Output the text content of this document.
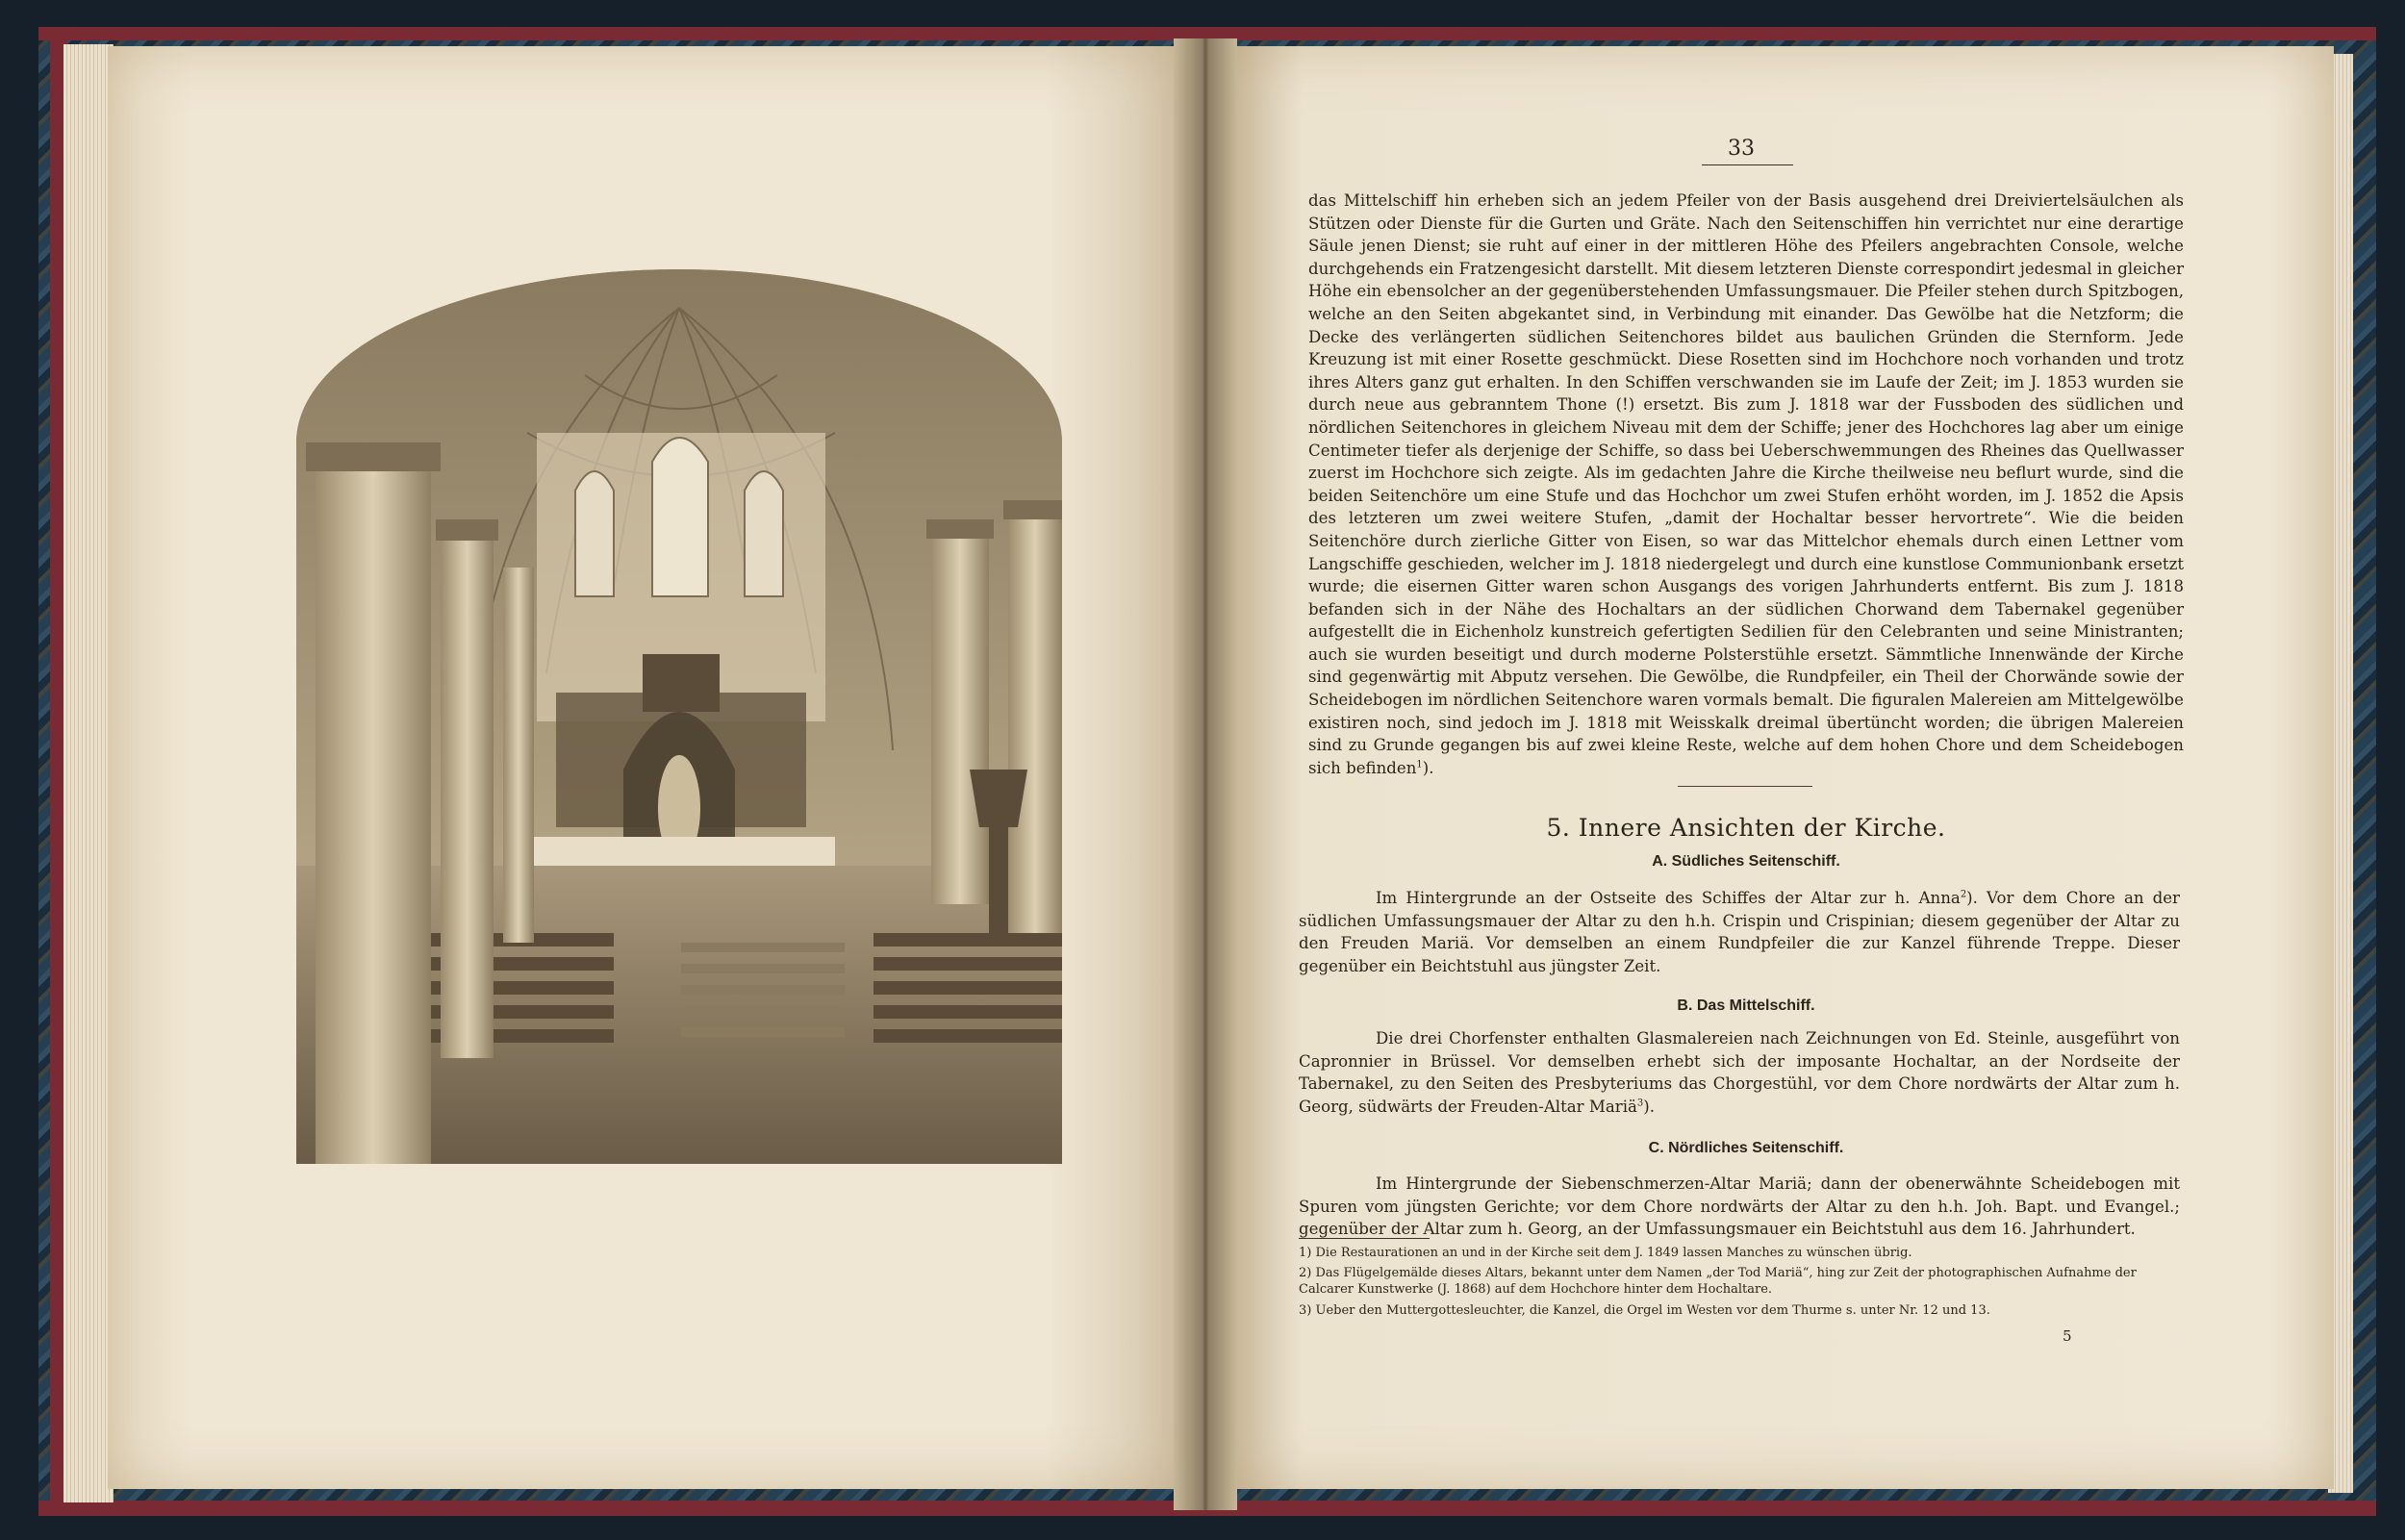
33
das Mittelschiff hin erheben sich an jedem Pfeiler von der Basis ausgehend drei Dreiviertelsäulchen als Stützen oder Dienste für die Gurten und Gräte. Nach den Seitenschiffen hin verrichtet nur eine derartige Säule jenen Dienst; sie ruht auf einer in der mittleren Höhe des Pfeilers angebrachten Console, welche durchgehends ein Fratzengesicht darstellt. Mit diesem letzteren Dienste correspondirt jedesmal in gleicher Höhe ein ebensolcher an der gegenüberstehenden Umfassungsmauer. Die Pfeiler stehen durch Spitzbogen, welche an den Seiten abgekantet sind, in Verbindung mit einander. Das Gewölbe hat die Netzform; die Decke des verlängerten südlichen Seitenchores bildet aus baulichen Gründen die Sternform. Jede Kreuzung ist mit einer Rosette geschmückt. Diese Rosetten sind im Hochchore noch vorhanden und trotz ihres Alters ganz gut erhalten. In den Schiffen verschwanden sie im Laufe der Zeit; im J. 1853 wurden sie durch neue aus gebranntem Thone (!) ersetzt. Bis zum J. 1818 war der Fussboden des südlichen und nördlichen Seitenchores in gleichem Niveau mit dem der Schiffe; jener des Hochchores lag aber um einige Centimeter tiefer als derjenige der Schiffe, so dass bei Ueberschwemmungen des Rheines das Quellwasser zuerst im Hochchore sich zeigte. Als im gedachten Jahre die Kirche theilweise neu beflurt wurde, sind die beiden Seitenchöre um eine Stufe und das Hochchor um zwei Stufen erhöht worden, im J. 1852 die Apsis des letzteren um zwei weitere Stufen, „damit der Hochaltar besser hervortrete“. Wie die beiden Seitenchöre durch zierliche Gitter von Eisen, so war das Mittelchor ehemals durch einen Lettner vom Langschiffe geschieden, welcher im J. 1818 niedergelegt und durch eine kunstlose Communionbank ersetzt wurde; die eisernen Gitter waren schon Ausgangs des vorigen Jahrhunderts entfernt. Bis zum J. 1818 befanden sich in der Nähe des Hochaltars an der südlichen Chorwand dem Tabernakel gegenüber aufgestellt die in Eichenholz kunstreich gefertigten Sedilien für den Celebranten und seine Ministranten; auch sie wurden beseitigt und durch moderne Polsterstühle ersetzt. Sämmtliche Innenwände der Kirche sind gegenwärtig mit Abputz versehen. Die Gewölbe, die Rundpfeiler, ein Theil der Chorwände sowie der Scheidebogen im nördlichen Seitenchore waren vormals bemalt. Die figuralen Malereien am Mittelgewölbe existiren noch, sind jedoch im J. 1818 mit Weisskalk dreimal übertüncht worden; die übrigen Malereien sind zu Grunde gegangen bis auf zwei kleine Reste, welche auf dem hohen Chore und dem Scheidebogen sich befinden$^1$).
5. Innere Ansichten der Kirche.
A. Südliches Seitenschiff.
Im Hintergrunde an der Ostseite des Schiffes der Altar zur h. Anna$^2$). Vor dem Chore an der südlichen Umfassungsmauer der Altar zu den h.h. Crispin und Crispinian; diesem gegenüber der Altar zu den Freuden Mariä. Vor demselben an einem Rundpfeiler die zur Kanzel führende Treppe. Dieser gegenüber ein Beichtstuhl aus jüngster Zeit.
B. Das Mittelschiff.
Die drei Chorfenster enthalten Glasmalereien nach Zeichnungen von Ed. Steinle, ausgeführt von Capronnier in Brüssel. Vor demselben erhebt sich der imposante Hochaltar, an der Nordseite der Tabernakel, zu den Seiten des Presbyteriums das Chorgestühl, vor dem Chore nordwärts der Altar zum h. Georg, südwärts der Freuden-Altar Mariä$^3$).
C. Nördliches Seitenschiff.
Im Hintergrunde der Siebenschmerzen-Altar Mariä; dann der obenerwähnte Scheidebogen mit Spuren vom jüngsten Gerichte; vor dem Chore nordwärts der Altar zu den h.h. Joh. Bapt. und Evangel.; gegenüber der Altar zum h. Georg, an der Umfassungsmauer ein Beichtstuhl aus dem 16. Jahrhundert.
1) Die Restaurationen an und in der Kirche seit dem J. 1849 lassen Manches zu wünschen übrig.
2) Das Flügelgemälde dieses Altars, bekannt unter dem Namen „der Tod Mariä“, hing zur Zeit der photographischen Aufnahme der Calcarer Kunstwerke (J. 1868) auf dem Hochchore hinter dem Hochaltare.
3) Ueber den Muttergottesleuchter, die Kanzel, die Orgel im Westen vor dem Thurme s. unter Nr. 12 und 13.
5
